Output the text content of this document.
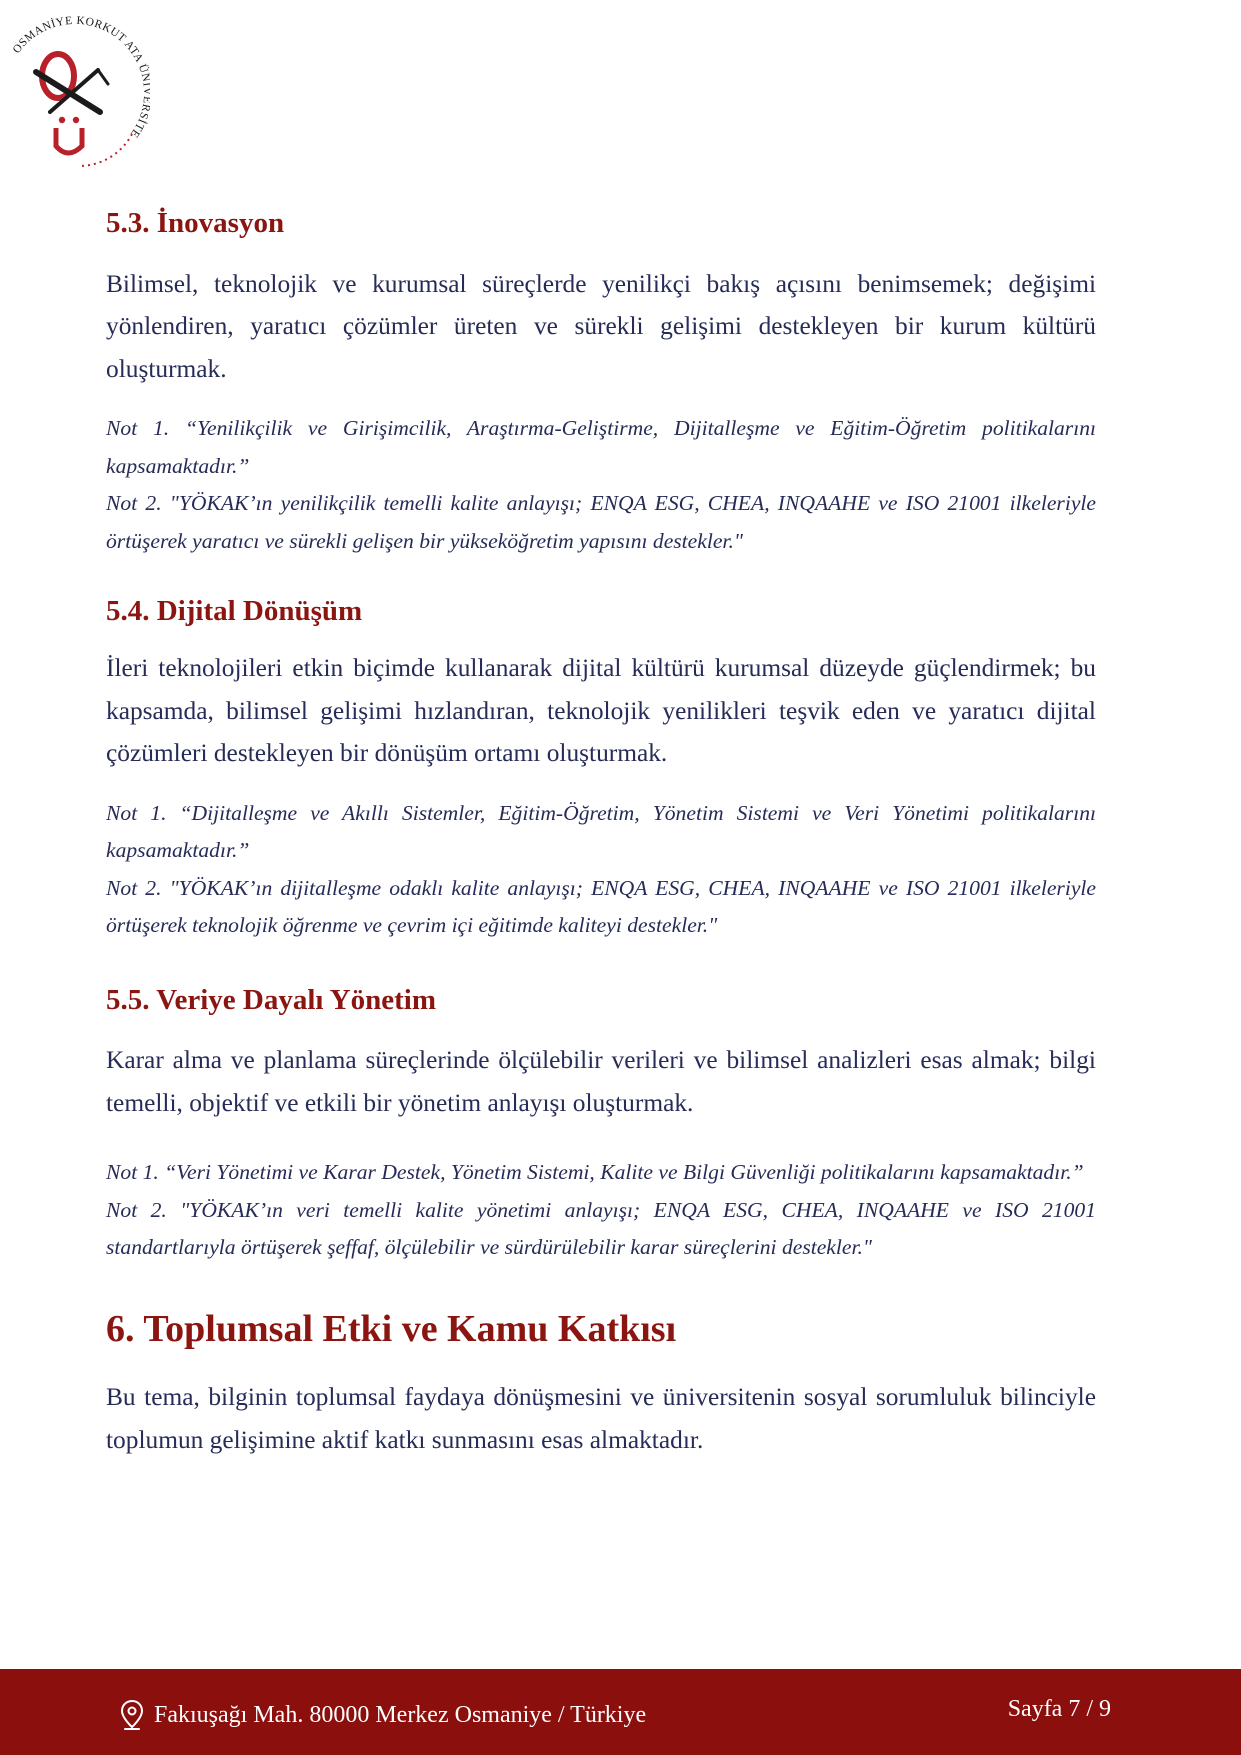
OSMANİYE KORKUT ATA Ü SİTE
5.3. İnovasyon

Bilimsel, teknolojik ve kurumsal süreçlerde yenilikçi bakış açısını benimsemek; değişimi yönlendiren, yaratıcı çözümler üreten ve sürekli gelişimi destekleyen bir kurum kültürü oluşturmak.

Not 1. “Yenilikçilik ve Girişimcilik, Araştırma-Geliştirme, Dijitalleşme ve Eğitim-Öğretim politikalarını kapsamaktadır.”

Not 2. "YÖKAK’ın yenilikçilik temelli kalite anlayışı; ENQA ESG, CHEA, INQAAHE ve ISO 21001 ilkeleriyle örtüşerek yaratıcı ve sürekli gelişen bir yükseköğretim yapısını destekler."

5.4. Dijital Dönüşüm

İleri teknolojileri etkin biçimde kullanarak dijital kültürü kurumsal düzeyde güçlendirmek; bu kapsamda, bilimsel gelişimi hızlandıran, teknolojik yenilikleri teşvik eden ve yaratıcı dijital çözümleri destekleyen bir dönüşüm ortamı oluşturmak.

Not 1. “Dijitalleşme ve Akıllı Sistemler, Eğitim-Öğretim, Yönetim Sistemi ve Veri Yönetimi politikalarını kapsamaktadır.”

Not 2. "YÖKAK’ın dijitalleşme odaklı kalite anlayışı; ENQA ESG, CHEA, INQAAHE ve ISO 21001 ilkeleriyle örtüşerek teknolojik öğrenme ve çevrim içi eğitimde kaliteyi destekler."

5.5. Veriye Dayalı Yönetim

Karar alma ve planlama süreçlerinde ölçülebilir verileri ve bilimsel analizleri esas almak; bilgi temelli, objektif ve etkili bir yönetim anlayışı oluşturmak.

Not 1. “Veri Yönetimi ve Karar Destek, Yönetim Sistemi, Kalite ve Bilgi Güvenliği politikalarını kapsamaktadır.”

Not 2. "YÖKAK’ın veri temelli kalite yönetimi anlayışı; ENQA ESG, CHEA, INQAAHE ve ISO 21001 standartlarıyla örtüşerek şeffaf, ölçülebilir ve sürdürülebilir karar süreçlerini destekler."

6. Toplumsal Etki ve Kamu Katkısı

Bu tema, bilginin toplumsal faydaya dönüşmesini ve üniversitenin sosyal sorumluluk bilinciyle toplumun gelişimine aktif katkı sunmasını esas almaktadır.

Fakıuşağı Mah. 80000 Merkez Osmaniye / Türkiye	Sayfa 7 / 9
